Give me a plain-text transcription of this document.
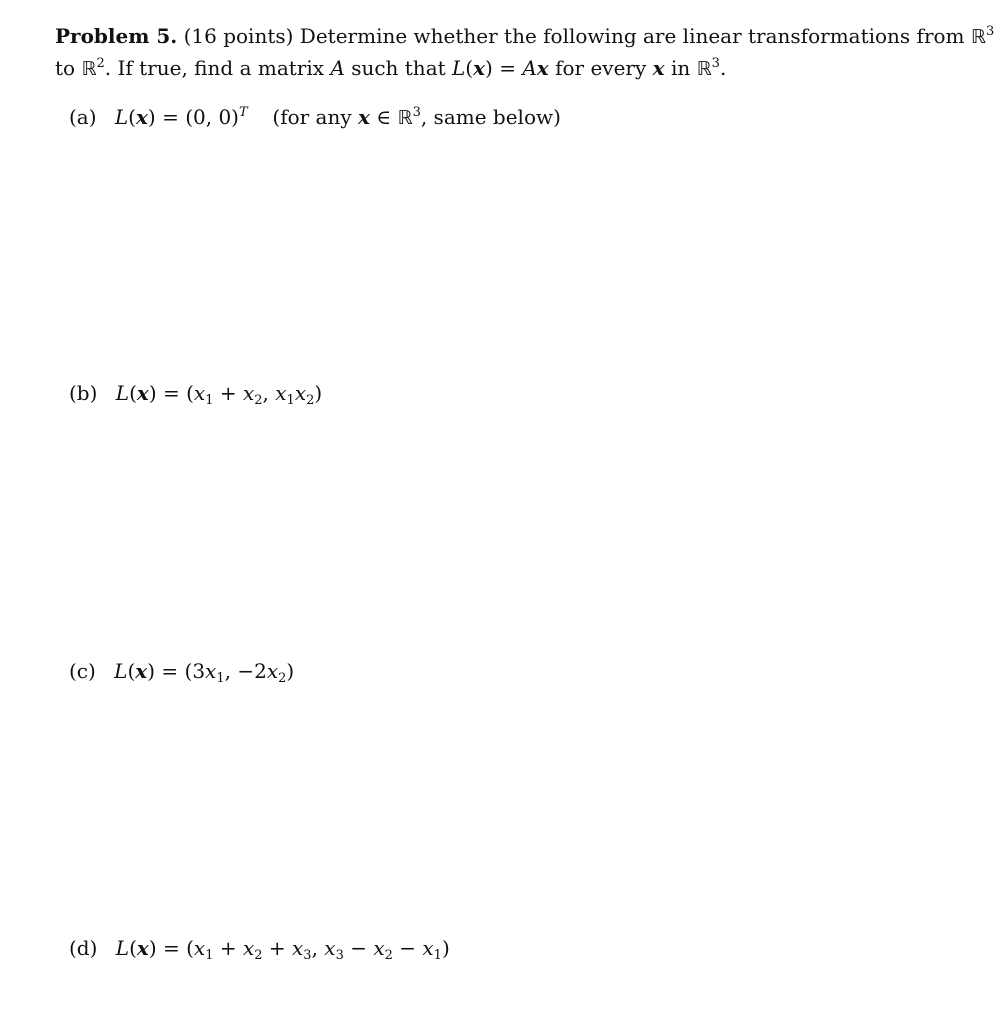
Problem 5. (16 points) Determine whether the following are linear transformations from ℝ$^3$
to ℝ$^2$. If true, find a matrix A such that L(x) = Ax for every x in ℝ$^3$.
(a) L(x) = (0, 0)$^T$ (for any x ∈ ℝ$^3$, same below)
(b) $L(x) = (x_1 + x_2$, $x_1x_2$)
(c) $L(x) = (3x_1$, $-2x_2$)
(d) $L(x) = (x_1 + x_2 + x_3$, $x_3 - x_2 - x_1$)
